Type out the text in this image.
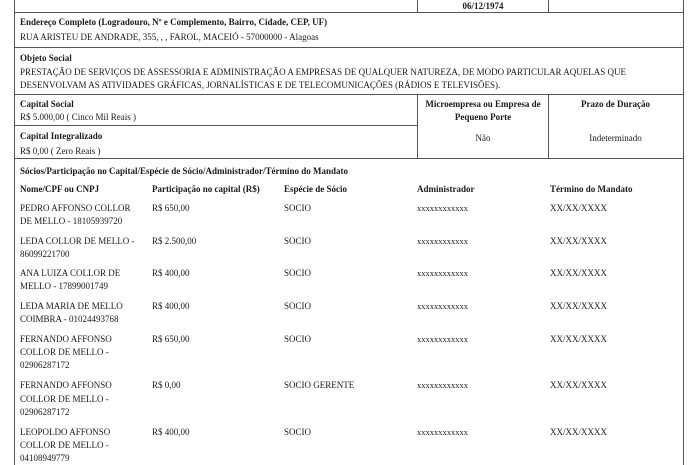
06/12/1974
Endereço Completo (Logradouro, Nº e Complemento, Bairro, Cidade, CEP, UF)
RUA ARISTEU DE ANDRADE, 355, , , FAROL, MACEIÓ - 57000000 - Alagoas
Objeto Social
PRESTAÇÃO DE SERVIÇOS DE ASSESSORIA E ADMINISTRAÇÃO A EMPRESAS DE QUALQUER NATUREZA, DE MODO PARTICULAR AQUELAS QUE
DESENVOLVAM AS ATIVIDADES GRÁFICAS, JORNALÍSTICAS E DE TELECOMUNICAÇÕES (RÁDIOS E TELEVISÕES).
Capital Social
R$ 5.000,00 ( Cinco Mil Reais )
Capital Integralizado
R$ 0,00 ( Zero Reais )
Microempresa ou Empresa de
Pequeno Porte
Não
Prazo de Duração
Indeterminado
Sócios/Participação no Capital/Espécie de Sócio/Administrador/Término do Mandato
Nome/CPF ou CNPJ	Participação no capital (R$)	Espécie de Sócio	Administrador	Término do Mandato
PEDRO AFFONSO COLLOR
DE MELLO - 18105939720
R$ 650,00	SOCIO	xxxxxxxxxxxx	XX/XX/XXXX
LEDA COLLOR DE MELLO -
86099221700
R$ 2.500,00	SOCIO	xxxxxxxxxxxx	XX/XX/XXXX
ANA LUIZA COLLOR DE
MELLO - 17899001749
R$ 400,00	SOCIO	xxxxxxxxxxxx	XX/XX/XXXX
LEDA MARIA DE MELLO
COIMBRA - 01024493768
R$ 400,00	SOCIO	xxxxxxxxxxxx	XX/XX/XXXX
FERNANDO AFFONSO
COLLOR DE MELLO -
02906287172
R$ 650,00	SOCIO	xxxxxxxxxxxx	XX/XX/XXXX
FERNANDO AFFONSO
COLLOR DE MELLO -
02906287172
R$ 0,00	SOCIO GERENTE	xxxxxxxxxxxx	XX/XX/XXXX
LEOPOLDO AFFONSO
COLLOR DE MELLO -
04108949779
R$ 400,00	SOCIO	xxxxxxxxxxxx	XX/XX/XXXX
